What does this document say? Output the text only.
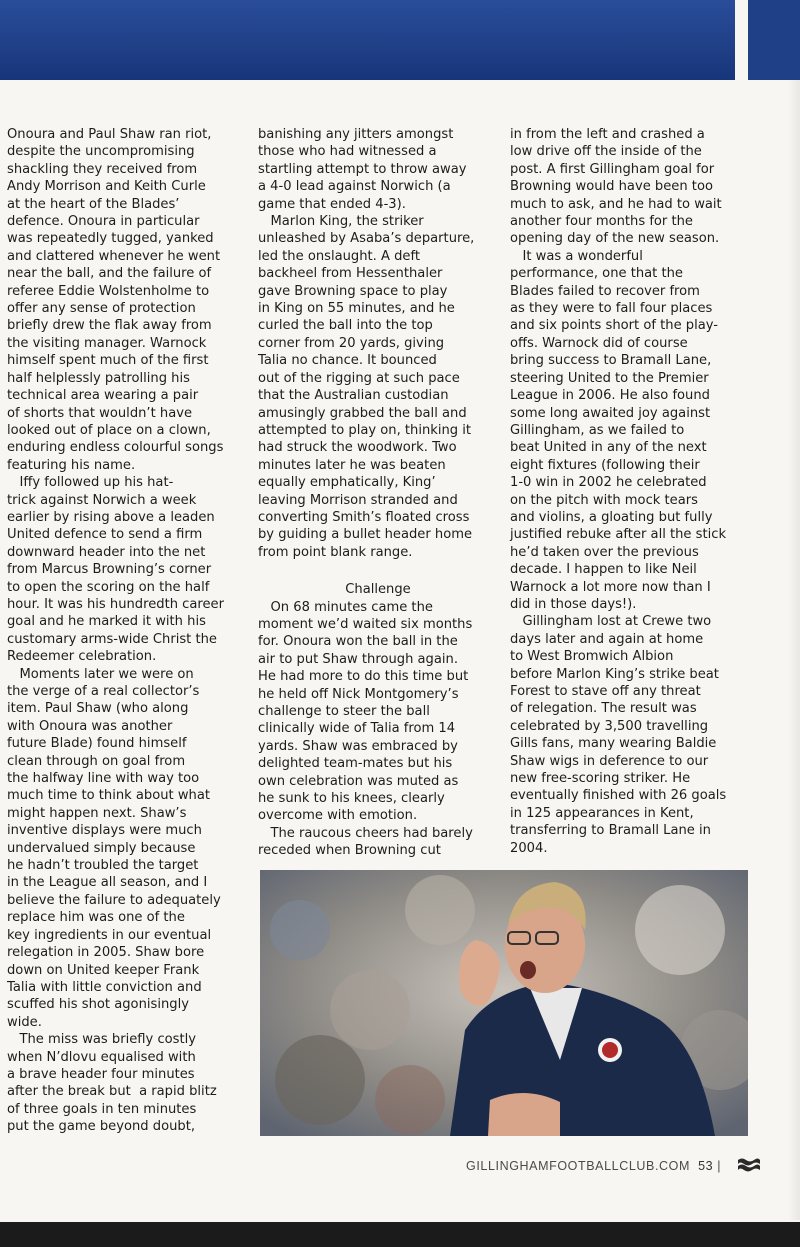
Onoura and Paul Shaw ran riot,

despite the uncompromising

shackling they received from

Andy Morrison and Keith Curle

at the heart of the Blades’

defence. Onoura in particular

was repeatedly tugged, yanked

and clattered whenever he went

near the ball, and the failure of

referee Eddie Wolstenholme to

offer any sense of protection

briefly drew the flak away from

the visiting manager. Warnock

himself spent much of the first

half helplessly patrolling his

technical area wearing a pair

of shorts that wouldn’t have

looked out of place on a clown,

enduring endless colourful songs

featuring his name.

Iffy followed up his hat-

trick against Norwich a week

earlier by rising above a leaden

United defence to send a firm

downward header into the net

from Marcus Browning’s corner

to open the scoring on the half

hour. It was his hundredth career

goal and he marked it with his

customary arms-wide Christ the

Redeemer celebration.

Moments later we were on

the verge of a real collector’s

item. Paul Shaw (who along

with Onoura was another

future Blade) found himself

clean through on goal from

the halfway line with way too

much time to think about what

might happen next. Shaw’s

inventive displays were much

undervalued simply because

he hadn’t troubled the target

in the League all season, and I

believe the failure to adequately

replace him was one of the

key ingredients in our eventual

relegation in 2005. Shaw bore

down on United keeper Frank

Talia with little conviction and

scuffed his shot agonisingly

wide.

The miss was briefly costly

when N’dlovu equalised with

a brave header four minutes

after the break but  a rapid blitz

of three goals in ten minutes

put the game beyond doubt,

banishing any jitters amongst

those who had witnessed a

startling attempt to throw away

a 4-0 lead against Norwich (a

game that ended 4-3).

Marlon King, the striker

unleashed by Asaba’s departure,

led the onslaught. A deft

backheel from Hessenthaler

gave Browning space to play

in King on 55 minutes, and he

curled the ball into the top

corner from 20 yards, giving

Talia no chance. It bounced

out of the rigging at such pace

that the Australian custodian

amusingly grabbed the ball and

attempted to play on, thinking it

had struck the woodwork. Two

minutes later he was beaten

equally emphatically, King’

leaving Morrison stranded and

converting Smith’s floated cross

by guiding a bullet header home

from point blank range.

Challenge

On 68 minutes came the

moment we’d waited six months

for. Onoura won the ball in the

air to put Shaw through again.

He had more to do this time but

he held off Nick Montgomery’s

challenge to steer the ball

clinically wide of Talia from 14

yards. Shaw was embraced by

delighted team-mates but his

own celebration was muted as

he sunk to his knees, clearly

overcome with emotion.

The raucous cheers had barely

receded when Browning cut

in from the left and crashed a

low drive off the inside of the

post. A first Gillingham goal for

Browning would have been too

much to ask, and he had to wait

another four months for the

opening day of the new season.

It was a wonderful

performance, one that the

Blades failed to recover from

as they were to fall four places

and six points short of the play-

offs. Warnock did of course

bring success to Bramall Lane,

steering United to the Premier

League in 2006. He also found

some long awaited joy against

Gillingham, as we failed to

beat United in any of the next

eight fixtures (following their

1-0 win in 2002 he celebrated

on the pitch with mock tears

and violins, a gloating but fully

justified rebuke after all the stick

he’d taken over the previous

decade. I happen to like Neil

Warnock a lot more now than I

did in those days!).

Gillingham lost at Crewe two

days later and again at home

to West Bromwich Albion

before Marlon King’s strike beat

Forest to stave off any threat

of relegation. The result was

celebrated by 3,500 travelling

Gills fans, many wearing Baldie

Shaw wigs in deference to our

new free-scoring striker. He

eventually finished with 26 goals

in 125 appearances in Kent,

transferring to Bramall Lane in

2004.

GILLINGHAMFOOTBALLCLUB.COM 53 |
